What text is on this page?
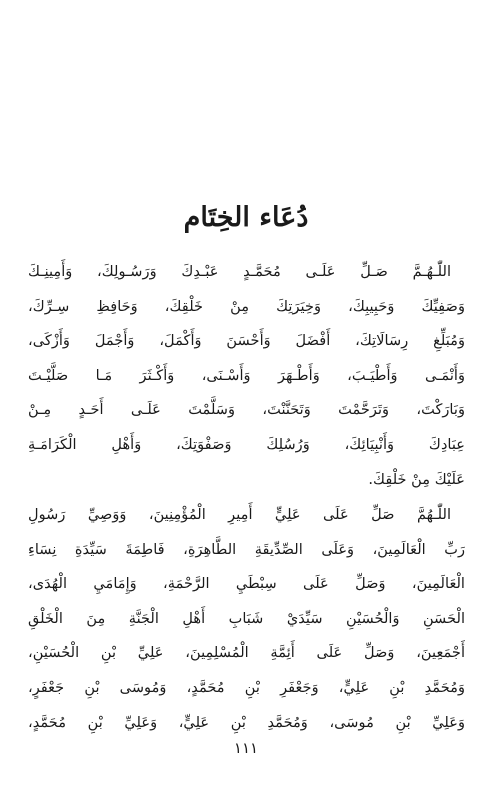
دُعَاء الخِتَام
اللّٰـهُـمَّ صَـلِّ عَلَـى مُحَمَّـدٍ عَبْـدِكَ وَرَسُـولِكَ، وَأَمِينِـكَ
وَصَفِيِّكَ وَحَبِيبِكَ، وَخِيَرَتِكَ مِنْ خَلْقِكَ، وَحَافِظِ سِـرِّكَ،
وَمُبَلِّغِ رِسَالَاتِكَ، أَفْضَلَ وَأَحْسَنَ وَأَكْمَلَ، وَأَجْمَلَ وَأَزْكَى،
وَأَنْمَـى وَأَطْيَـبَ، وَأَطْـهَرَ وَأَسْـنَى، وَأَكْـثَرَ مَـا صَلَّيْـتَ
وَبَارَكْتَ، وَتَرَحَّمْتَ وَتَحَنَّنْتَ، وَسَلَّمْتَ عَلَـى أَحَـدٍ مِـنْ
عِبَادِكَ وَأَنْبِيَائِكَ، وَرُسُلِكَ وَصَفْوَتِكَ، وَأَهْلِ الْكَرَامَـةِ
عَلَيْكَ مِنْ خَلْقِكَ.
اللّٰـهُمَّ صَلِّ عَلَى عَلِيٍّ أَمِيرِ الْمُؤْمِنِينَ، وَوَصِيِّ رَسُولِ
رَبِّ الْعَالَمِينَ، وَعَلَى الصِّدِّيقَةِ الطَّاهِرَةِ، فَاطِمَةَ سَيِّدَةِ نِسَاءِ
الْعَالَمِينَ، وَصَلِّ عَلَى سِبْطَيِ الرَّحْمَةِ، وَإِمَامَيِ الْهُدَى،
الْحَسَنِ وَالْحُسَيْنِ سَيِّدَيْ شَبَابِ أَهْلِ الْجَنَّةِ مِنَ الْخَلْقِ
أَجْمَعِينَ، وَصَلِّ عَلَى أَئِمَّةِ الْمُسْلِمِينَ، عَلِيِّ بْنِ الْحُسَيْنِ،
وَمُحَمَّدِ بْنِ عَلِيٍّ، وَجَعْفَرِ بْنِ مُحَمَّدٍ، وَمُوسَى بْنِ جَعْفَرٍ،
وَعَلِيِّ بْنِ مُوسَى، وَمُحَمَّدِ بْنِ عَلِيٍّ، وَعَلِيِّ بْنِ مُحَمَّدٍ،
١١١
